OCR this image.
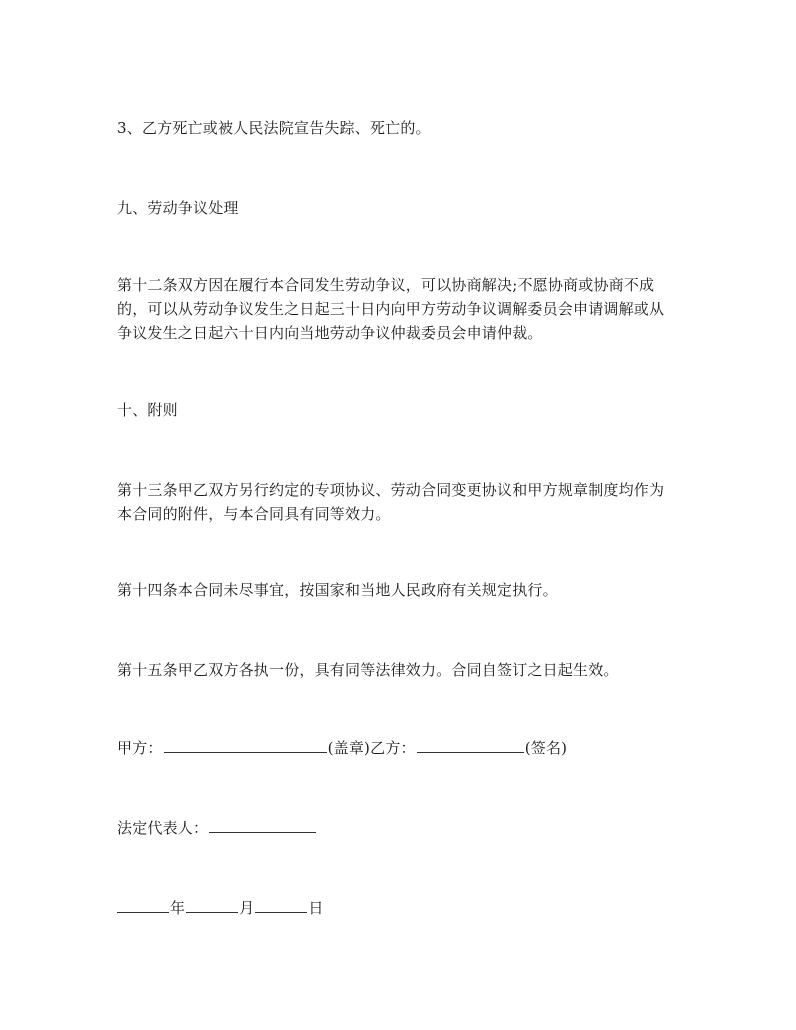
3、乙方死亡或被人民法院宣告失踪、死亡的。
九、劳动争议处理
第十二条双方因在履行本合同发生劳动争议，可以协商解决;不愿协商或协商不成
的，可以从劳动争议发生之日起三十日内向甲方劳动争议调解委员会申请调解或从
争议发生之日起六十日内向当地劳动争议仲裁委员会申请仲裁。
十、附则
第十三条甲乙双方另行约定的专项协议、劳动合同变更协议和甲方规章制度均作为
本合同的附件，与本合同具有同等效力。
第十四条本合同未尽事宜，按国家和当地人民政府有关规定执行。
第十五条甲乙双方各执一份，具有同等法律效力。合同自签订之日起生效。
甲方：	(盖章)乙方：	(签名)
法定代表人：
年	月	日
